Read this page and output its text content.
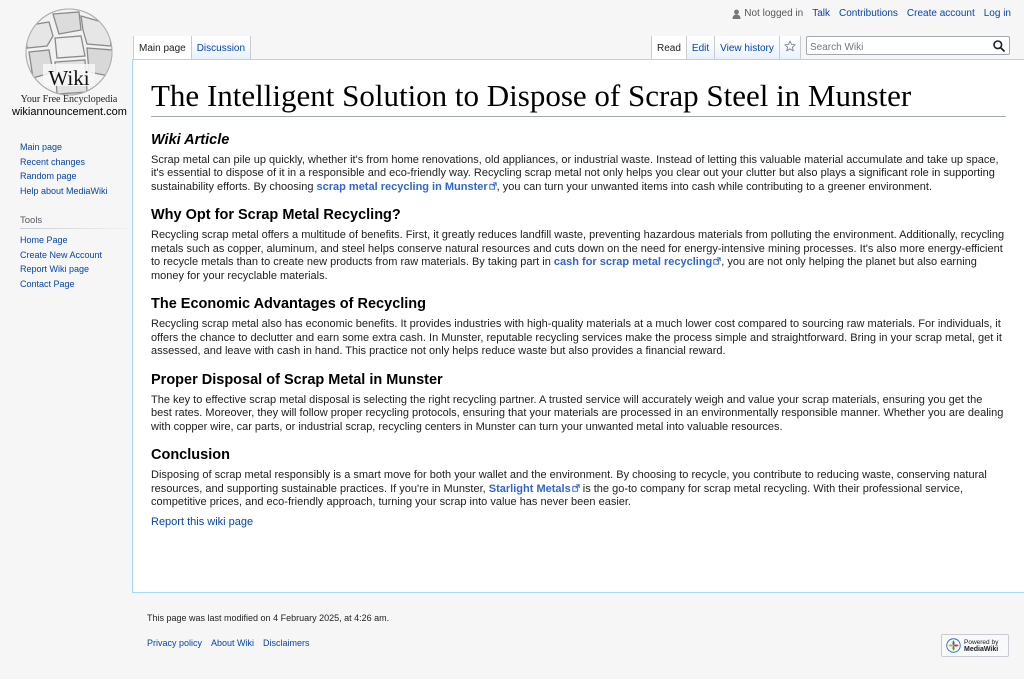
Wiki
Your Free Encyclopedia
wikiannouncement.com
Not logged in Talk Contributions Create account Log in
Main page Discussion	Read Edit View history
Search Wiki
Main page
Recent changes
Random page
Help about MediaWiki
Tools
Home Page
Create New Account
Report Wiki page
Contact Page
The Intelligent Solution to Dispose of Scrap Steel in Munster
Wiki Article

Scrap metal can pile up quickly, whether it's from home renovations, old appliances, or industrial waste. Instead of letting this valuable material accumulate and take up space, it's essential to dispose of it in a responsible and eco-friendly way. Recycling scrap metal not only helps you clear out your clutter but also plays a significant role in supporting sustainability efforts. By choosing scrap metal recycling in Munster , you can turn your unwanted items into cash while contributing to a greener environment.

Why Opt for Scrap Metal Recycling?

Recycling scrap metal offers a multitude of benefits. First, it greatly reduces landfill waste, preventing hazardous materials from polluting the environment. Additionally, recycling metals such as copper, aluminum, and steel helps conserve natural resources and cuts down on the need for energy-intensive mining processes. It's also more energy-efficient to recycle metals than to create new products from raw materials. By taking part in cash for scrap metal recycling , you are not only helping the planet but also earning money for your recyclable materials.

The Economic Advantages of Recycling

Recycling scrap metal also has economic benefits. It provides industries with high-quality materials at a much lower cost compared to sourcing raw materials. For individuals, it offers the chance to declutter and earn some extra cash. In Munster, reputable recycling services make the process simple and straightforward. Bring in your scrap metal, get it assessed, and leave with cash in hand. This practice not only helps reduce waste but also provides a financial reward.

Proper Disposal of Scrap Metal in Munster

The key to effective scrap metal disposal is selecting the right recycling partner. A trusted service will accurately weigh and value your scrap materials, ensuring you get the best rates. Moreover, they will follow proper recycling protocols, ensuring that your materials are processed in an environmentally responsible manner. Whether you are dealing with copper wire, car parts, or industrial scrap, recycling centers in Munster can turn your unwanted metal into valuable resources.

Conclusion

Disposing of scrap metal responsibly is a smart move for both your wallet and the environment. By choosing to recycle, you contribute to reducing waste, conserving natural resources, and supporting sustainable practices. If you're in Munster, Starlight Metals is the go-to company for scrap metal recycling. With their professional service, competitive prices, and eco-friendly approach, turning your scrap into value has never been easier.

Report this wiki page

This page was last modified on 4 February 2025, at 4:26 am.
Privacy policy About Wiki Disclaimers	Powered by
MediaWiki
